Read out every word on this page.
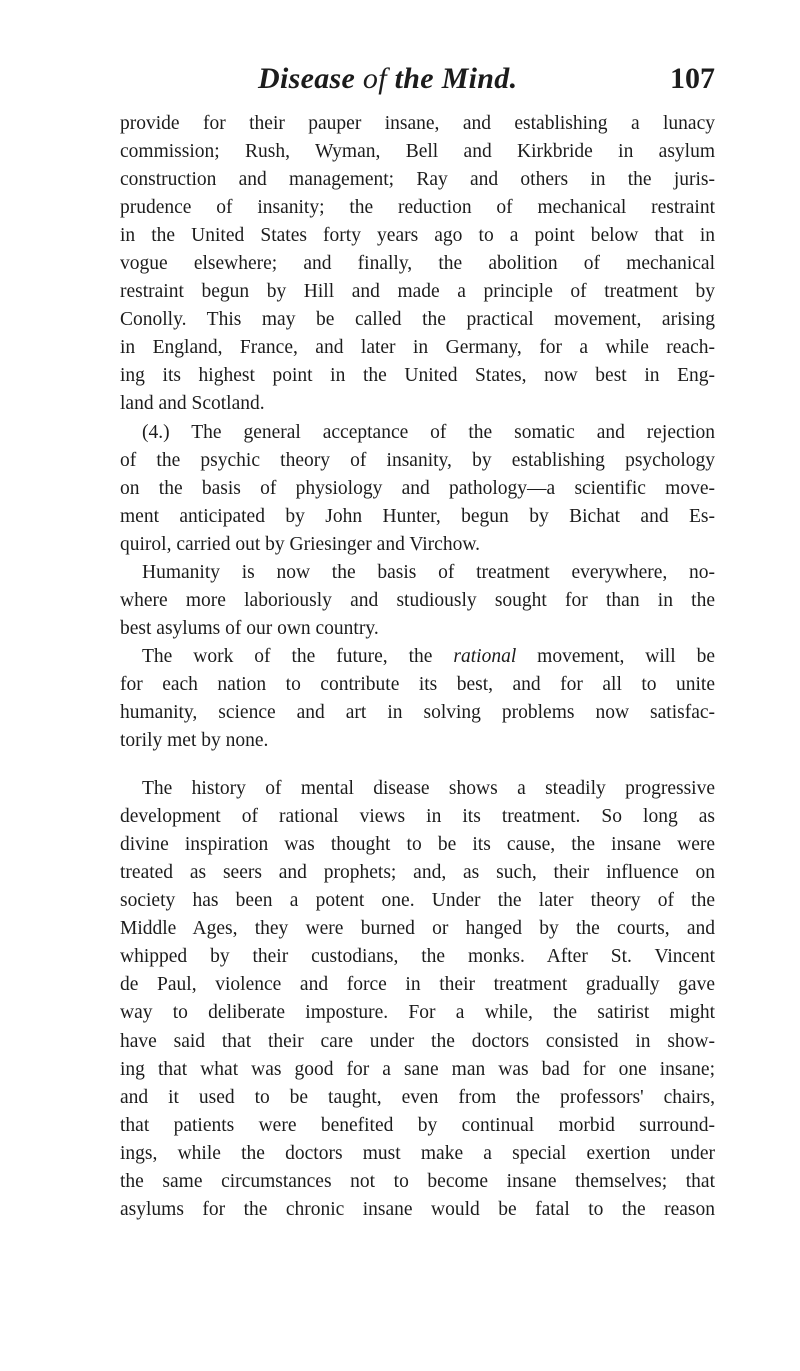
Disease of the Mind.	107
provide for their pauper insane, and establishing a lunacy
commission; Rush, Wyman, Bell and Kirkbride in asylum
construction and management; Ray and others in the juris-
prudence of insanity; the reduction of mechanical restraint
in the United States forty years ago to a point below that in
vogue elsewhere; and finally, the abolition of mechanical
restraint begun by Hill and made a principle of treatment by
Conolly. This may be called the practical movement, arising
in England, France, and later in Germany, for a while reach-
ing its highest point in the United States, now best in Eng-
land and Scotland.
(4.) The general acceptance of the somatic and rejection
of the psychic theory of insanity, by establishing psychology
on the basis of physiology and pathology—a scientific move-
ment anticipated by John Hunter, begun by Bichat and Es-
quirol, carried out by Griesinger and Virchow.
Humanity is now the basis of treatment everywhere, no-
where more laboriously and studiously sought for than in the
best asylums of our own country.
The work of the future, the rational movement, will be
for each nation to contribute its best, and for all to unite
humanity, science and art in solving problems now satisfac-
torily met by none.
The history of mental disease shows a steadily progressive
development of rational views in its treatment. So long as
divine inspiration was thought to be its cause, the insane were
treated as seers and prophets; and, as such, their influence on
society has been a potent one. Under the later theory of the
Middle Ages, they were burned or hanged by the courts, and
whipped by their custodians, the monks. After St. Vincent
de Paul, violence and force in their treatment gradually gave
way to deliberate imposture. For a while, the satirist might
have said that their care under the doctors consisted in show-
ing that what was good for a sane man was bad for one insane;
and it used to be taught, even from the professors' chairs,
that patients were benefited by continual morbid surround-
ings, while the doctors must make a special exertion under
the same circumstances not to become insane themselves; that
asylums for the chronic insane would be fatal to the reason
